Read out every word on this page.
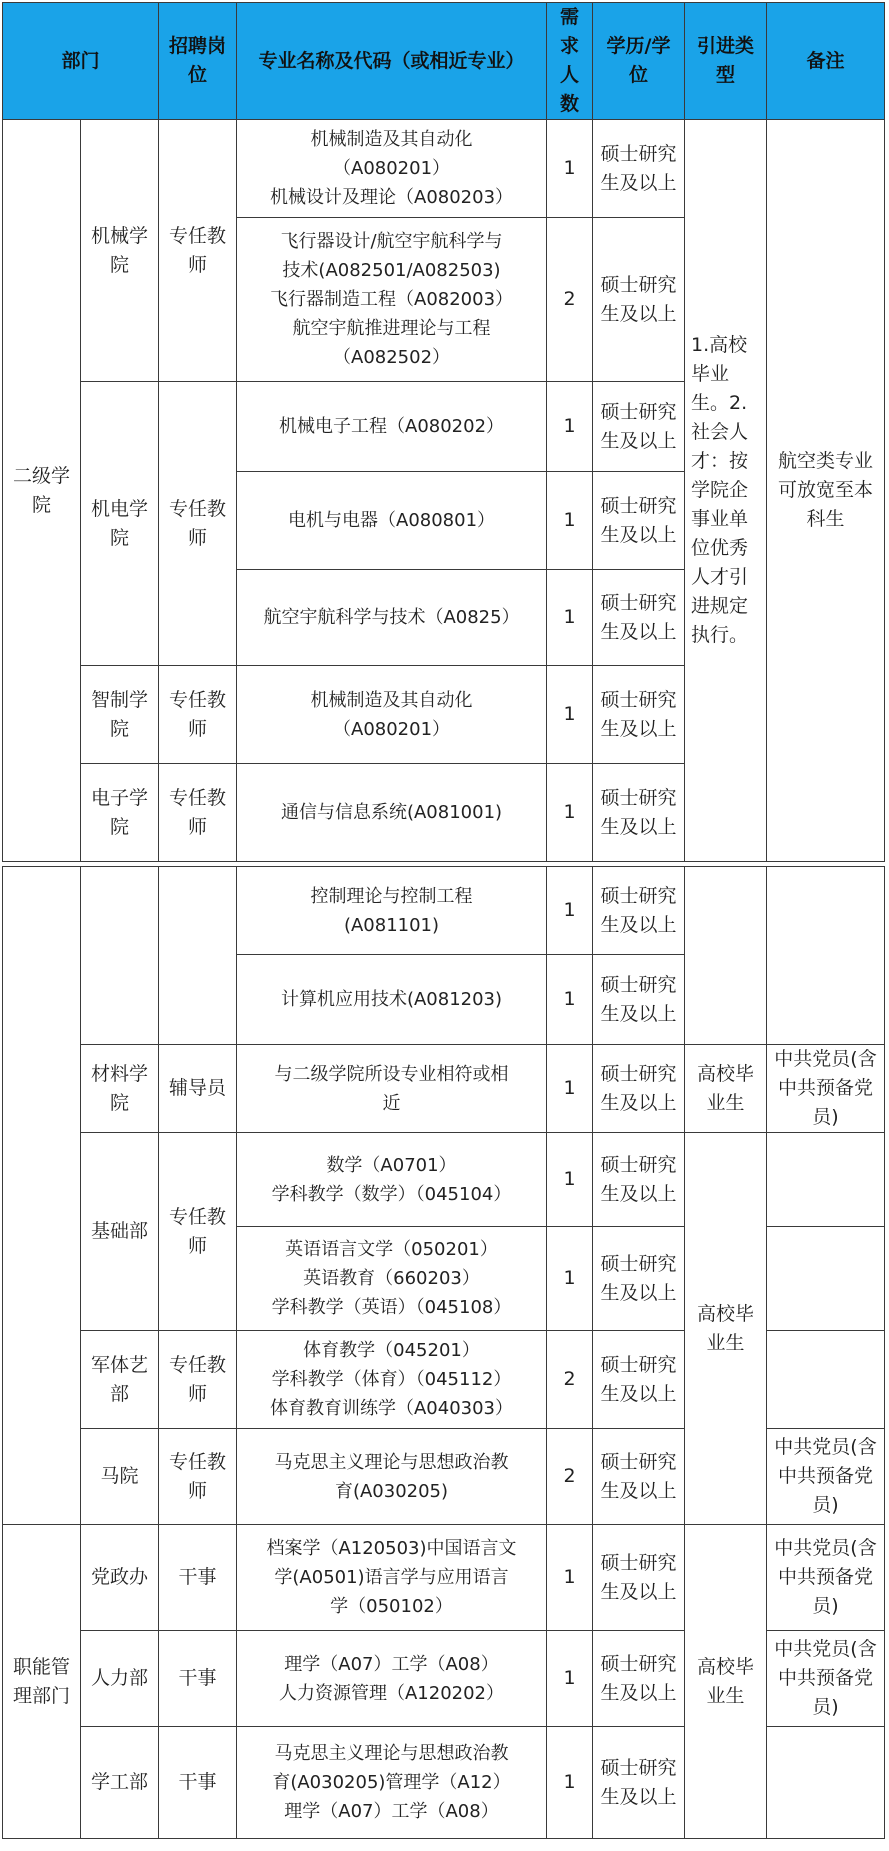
部门		招聘岗位	专业名称及代码（或相近专业）	需求人数	学历/学位	引进类型	备注
二级学院	机械学院	专任教师	机械制造及其自动化
（A080201）
机械设计及理论（A080203）	1	硕士研究生及以上	1.高校毕业生。2.社会人才：按学院企事业单位优秀人才引进规定执行。	航空类专业可放宽至本科生

			飞行器设计/航空宇航科学与
技术(A082501/A082503)
飞行器制造工程（A082003）
航空宇航推进理论与工程
（A082502）	2	硕士研究生及以上		
	机电学院	专任教师	机械电子工程（A080202）	1	硕士研究生及以上		
			电机与电器（A080801）	1	硕士研究生及以上		
			航空宇航科学与技术（A0825）	1	硕士研究生及以上		
	智制学院	专任教师	机械制造及其自动化
（A080201）	1	硕士研究生及以上		
	电子学院	专任教师	通信与信息系统(A081001)	1	硕士研究生及以上		

			控制理论与控制工程
(A081101)	1	硕士研究生及以上		
			计算机应用技术(A081203)	1	硕士研究生及以上		
	材料学院	辅导员	与二级学院所设专业相符或相
近	1	硕士研究生及以上	高校毕业生	中共党员(含中共预备党员)
	基础部	专任教师	数学（A0701）
学科教学（数学）（045104）	1	硕士研究生及以上	高校毕业生	

			英语语言文学（050201）
英语教育（660203）
学科教学（英语）（045108）	1	硕士研究生及以上		
	军体艺部	专任教师	体育教学（045201）
学科教学（体育）（045112）
体育教育训练学（A040303）	2	硕士研究生及以上		
	马院	专任教师	马克思主义理论与思想政治教
育(A030205)	2	硕士研究生及以上		中共党员(含中共预备党员)
职能管理部门	党政办	干事	档案学（A120503)中国语言文
学(A0501)语言学与应用语言
学（050102）	1	硕士研究生及以上	高校毕业生	中共党员(含中共预备党员)
	人力部	干事	理学（A07）工学（A08）
人力资源管理（A120202）	1	硕士研究生及以上		中共党员(含中共预备党员)
	学工部	干事	马克思主义理论与思想政治教
育(A030205)管理学（A12）
理学（A07）工学（A08）	1	硕士研究生及以上		
